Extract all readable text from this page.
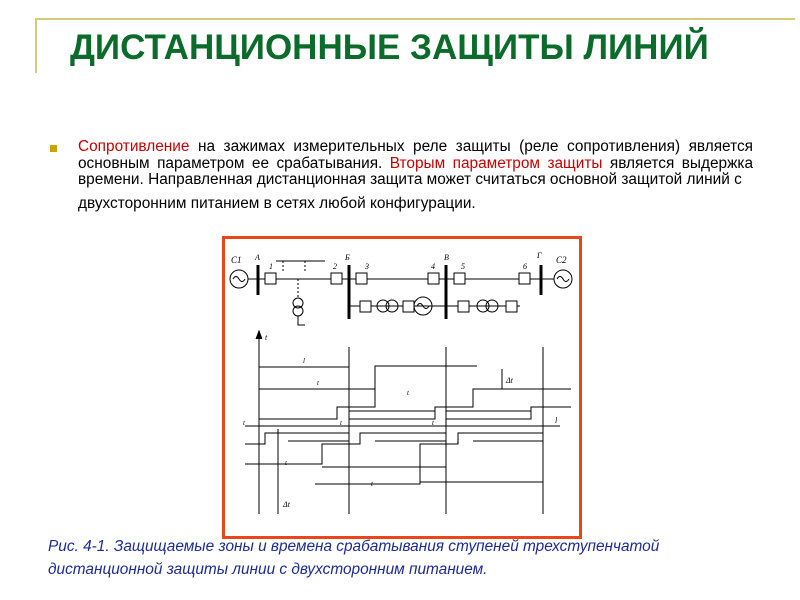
ДИСТАНЦИОННЫЕ ЗАЩИТЫ ЛИНИЙ

Сопротивление на зажимах измерительных реле защиты (реле сопротивления) является основным параметром ее срабатывания. Вторым параметром защиты является выдержка времени. Направленная дистанционная защита может считаться основной защитой линий с
двухсторонним питанием в сетях любой конфигурации.

C1	C2
А	Б	В	Г
1	2	3	4	5	6
t
l
l
t
t
Δt
Δt
t	t	t
t
t
t

Рис. 4-1. Защищаемые зоны и времена срабатывания ступеней трехступенчатой
дистанционной защиты линии с двухсторонним питанием.
